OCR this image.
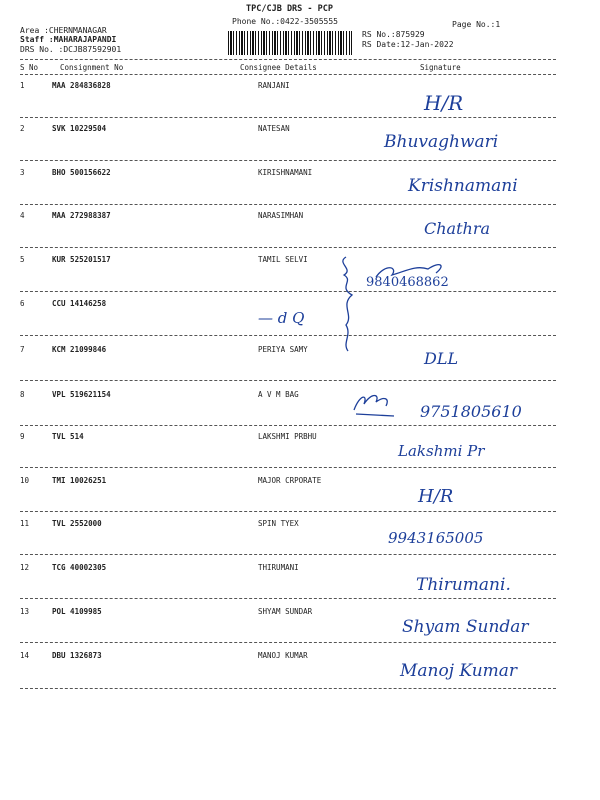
TPC/CJB DRS - PCP
Phone No.:0422-3505555	Page No.:1
Area :CHERNMANAGAR
Staff :MAHARAJAPANDI
DRS No. :DCJB87592901
RS No.:875929
RS Date:12-Jan-2022
S No	Consignment No	Consignee Details	Signature
1	MAA 284836828	RANJANI
H/R
2	SVK 10229504	NATESAN
Bhuvaghwari
3	BHO 500156622	KIRISHNAMANI
Krishnamani
4	MAA 272988387	NARASIMHAN
Chathra
5	KUR 525201517	TAMIL SELVI
9840468862
6	CCU 14146258
— d Q
7	KCM 21099846	PERIYA SAMY	DLL
8	VPL 519621154	A V M BAG
9751805610
9	TVL 514	LAKSHMI PRBHU
Lakshmi Pr
10	TMI 10026251	MAJOR CRPORATE
H/R
11	TVL 2552000	SPIN TYEX
9943165005
12	TCG 40002305	THIRUMANI
Thirumani.
13	POL 4109985	SHYAM SUNDAR
Shyam Sundar
14	DBU 1326873	MANOJ KUMAR
Manoj Kumar
